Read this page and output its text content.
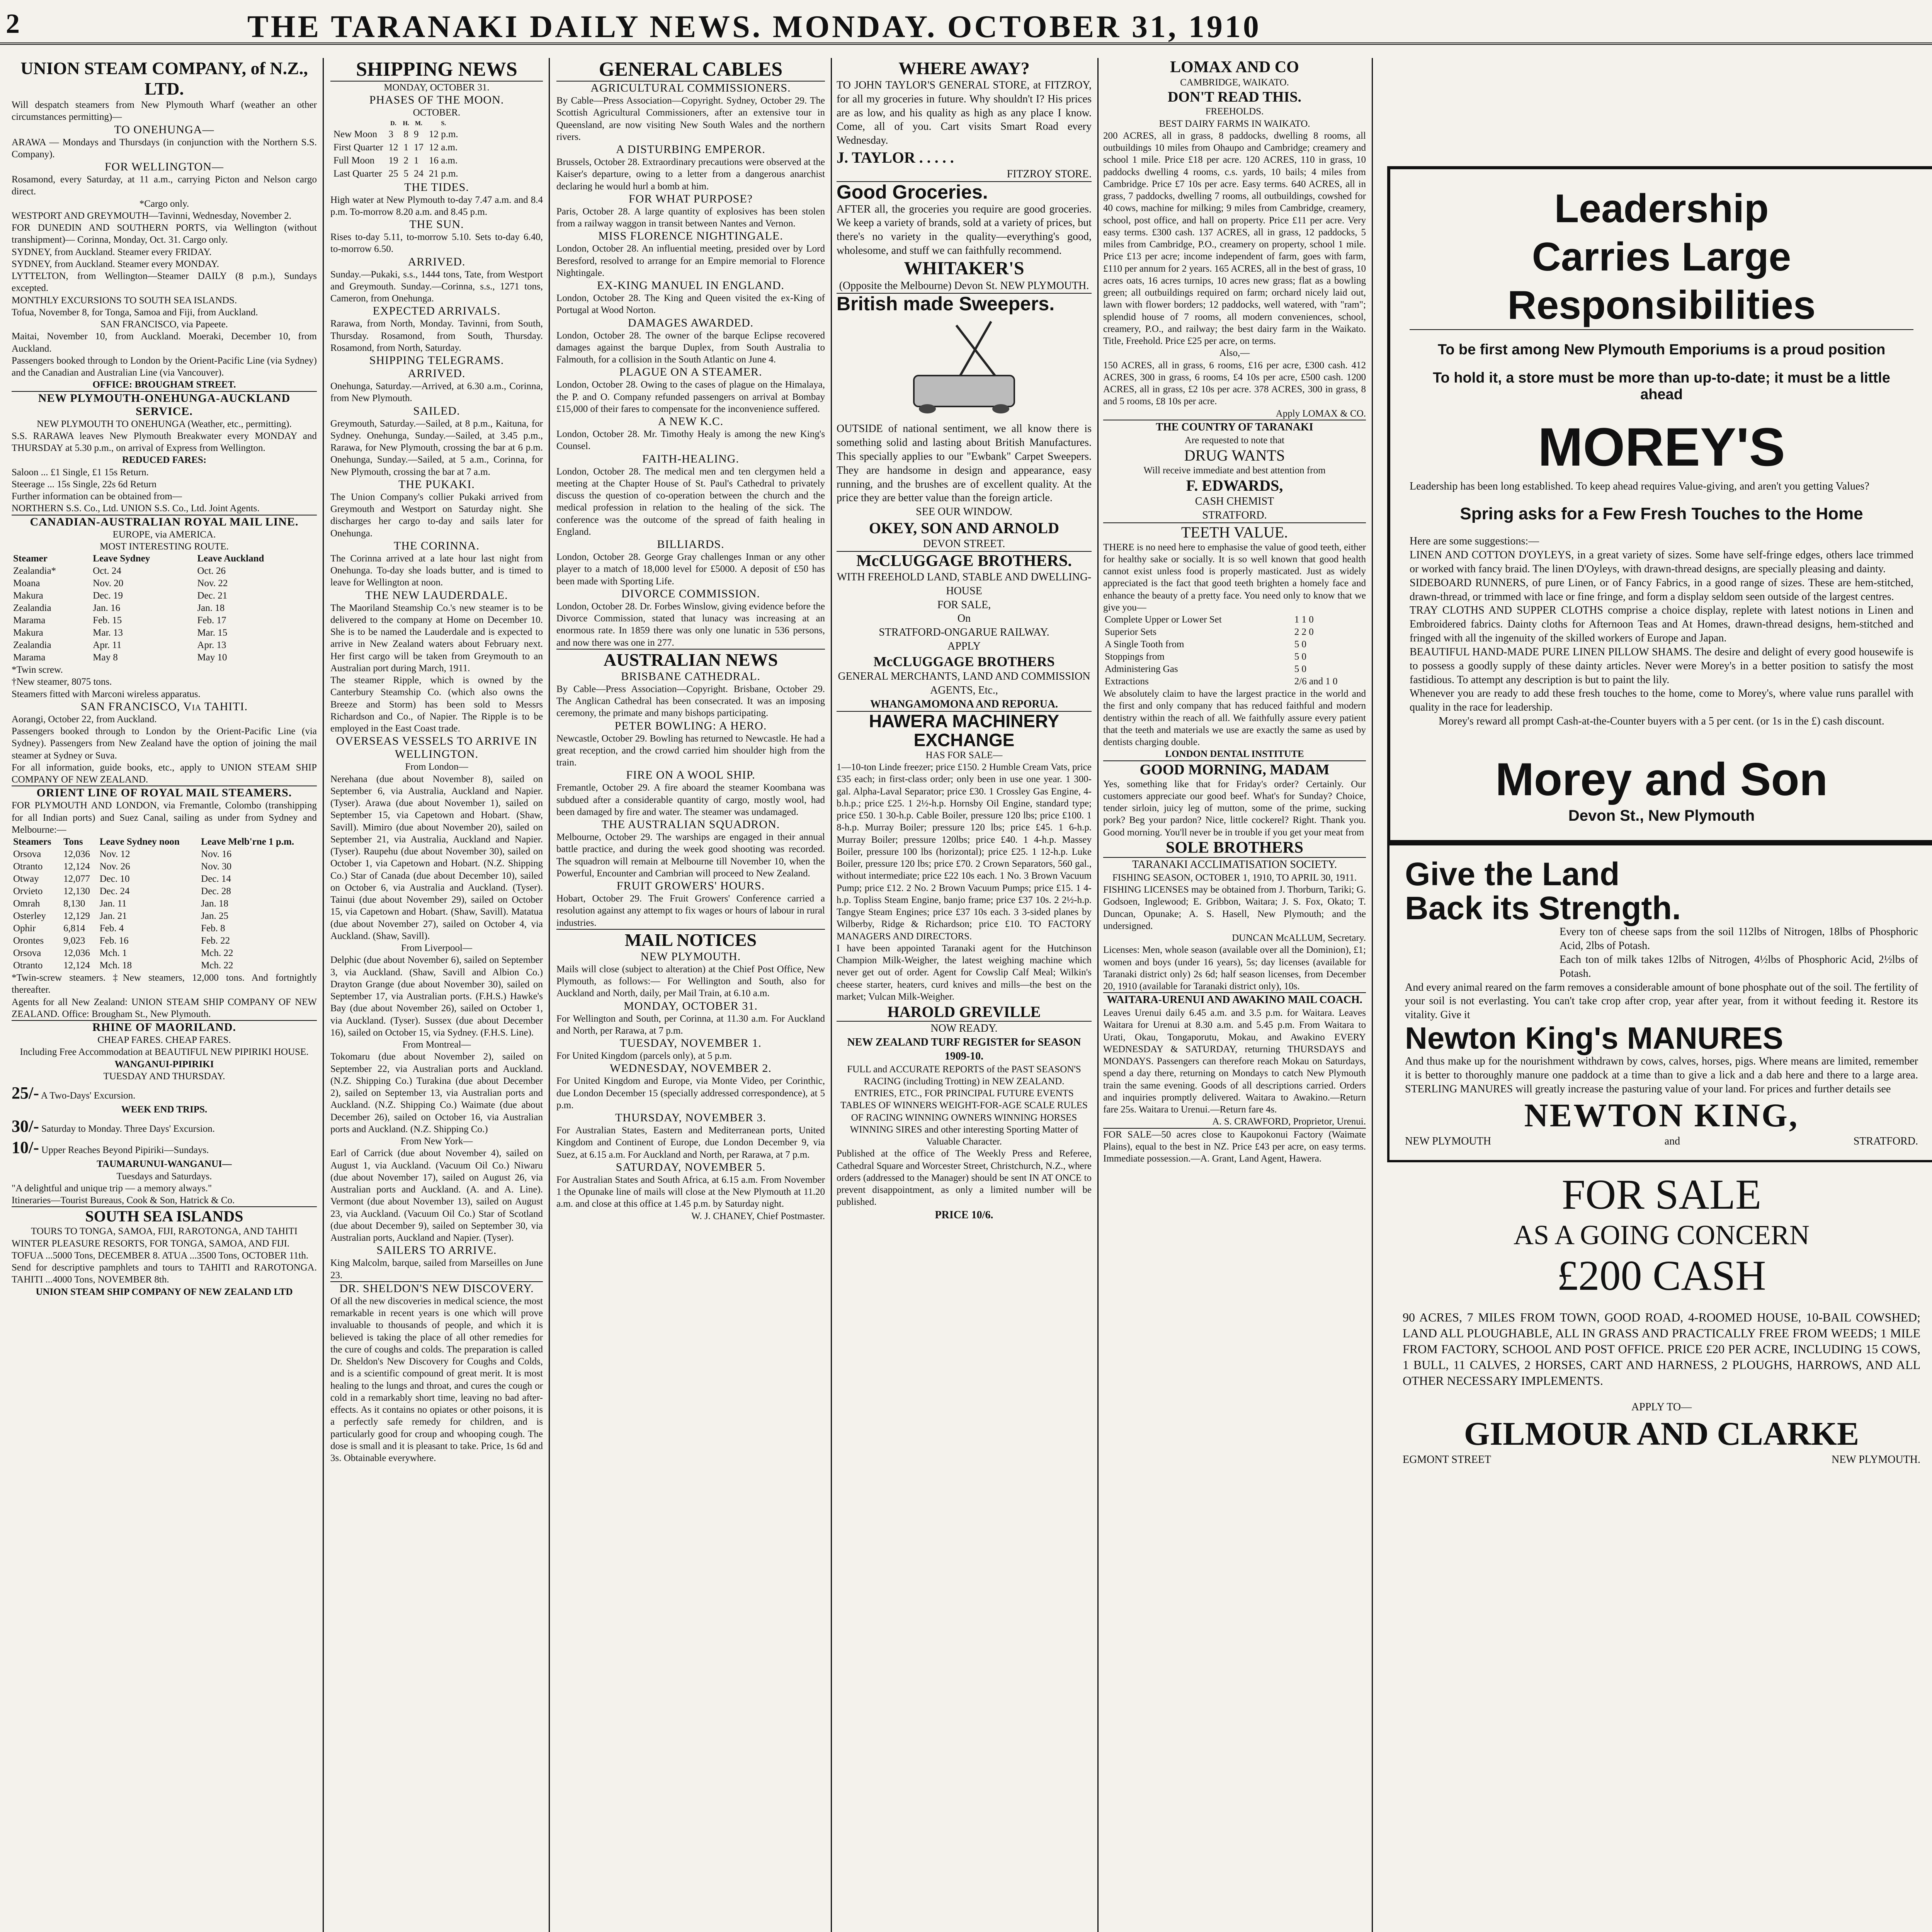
2	THE TARANAKI DAILY NEWS. MONDAY. OCTOBER 31, 1910
UNION STEAM COMPANY, of N.Z., LTD.

Will despatch steamers from New Plymouth Wharf (weather an other circumstances permitting)—

TO ONEHUNGA—

ARAWA — Mondays and Thursdays (in conjunction with the Northern S.S. Company).

FOR WELLINGTON—

Rosamond, every Saturday, at 11 a.m., carrying Picton and Nelson cargo direct.

*Cargo only.

WESTPORT AND GREYMOUTH—Tavinni, Wednesday, November 2.

FOR DUNEDIN AND SOUTHERN PORTS, via Wellington (without transhipment)— Corinna, Monday, Oct. 31. Cargo only.

SYDNEY, from Auckland. Steamer every FRIDAY.

SYDNEY, from Auckland. Steamer every MONDAY.

LYTTELTON, from Wellington—Steamer DAILY (8 p.m.), Sundays excepted.

MONTHLY EXCURSIONS TO SOUTH SEA ISLANDS.

Tofua, November 8, for Tonga, Samoa and Fiji, from Auckland.

SAN FRANCISCO, via Papeete.

Maitai, November 10, from Auckland. Moeraki, December 10, from Auckland.

Passengers booked through to London by the Orient-Pacific Line (via Sydney) and the Canadian and Australian Line (via Vancouver).

OFFICE: BROUGHAM STREET.

NEW PLYMOUTH-ONEHUNGA-AUCKLAND SERVICE.

NEW PLYMOUTH TO ONEHUNGA (Weather, etc., permitting).

S.S. RARAWA leaves New Plymouth Breakwater every MONDAY and THURSDAY at 5.30 p.m., on arrival of Express from Wellington.

REDUCED FARES:

Saloon ... £1 Single, £1 15s Return.

Steerage ... 15s Single, 22s 6d Return

Further information can be obtained from—

NORTHERN S.S. Co., Ltd. UNION S.S. Co., Ltd. Joint Agents.

CANADIAN-AUSTRALIAN ROYAL MAIL LINE.

EUROPE, via AMERICA.

MOST INTERESTING ROUTE.

Steamer	Leave Sydney	Leave Auckland
Zealandia*	Oct. 24	Oct. 26
Moana	Nov. 20	Nov. 22
Makura	Dec. 19	Dec. 21
Zealandia	Jan. 16	Jan. 18
Marama	Feb. 15	Feb. 17
Makura	Mar. 13	Mar. 15
Zealandia	Apr. 11	Apr. 13
Marama	May 8	May 10

*Twin screw.

†New steamer, 8075 tons.

Steamers fitted with Marconi wireless apparatus.

SAN FRANCISCO, Via TAHITI.

Aorangi, October 22, from Auckland.

Passengers booked through to London by the Orient-Pacific Line (via Sydney). Passengers from New Zealand have the option of joining the mail steamer at Sydney or Suva.

For all information, guide books, etc., apply to UNION STEAM SHIP COMPANY OF NEW ZEALAND.

ORIENT LINE OF ROYAL MAIL STEAMERS.

FOR PLYMOUTH AND LONDON, via Fremantle, Colombo (transhipping for all Indian ports) and Suez Canal, sailing as under from Sydney and Melbourne:—

Steamers	Tons	Leave Sydney noon	Leave Melb'rne 1 p.m.
Orsova	12,036	Nov. 12	Nov. 16
Otranto	12,124	Nov. 26	Nov. 30
Otway	12,077	Dec. 10	Dec. 14
Orvieto	12,130	Dec. 24	Dec. 28
Omrah	8,130	Jan. 11	Jan. 18
Osterley	12,129	Jan. 21	Jan. 25
Ophir	6,814	Feb. 4	Feb. 8
Orontes	9,023	Feb. 16	Feb. 22
Orsova	12,036	Mch. 1	Mch. 22
Otranto	12,124	Mch. 18	Mch. 22

*Twin-screw steamers. ‡New steamers, 12,000 tons. And fortnightly thereafter.

Agents for all New Zealand: UNION STEAM SHIP COMPANY OF NEW ZEALAND. Office: Brougham St., New Plymouth.

RHINE OF MAORILAND.

CHEAP FARES. CHEAP FARES.

Including Free Accommodation at BEAUTIFUL NEW PIPIRIKI HOUSE.

WANGANUI-PIPIRIKI

TUESDAY AND THURSDAY.

25/- A Two-Days' Excursion.

WEEK END TRIPS.

30/- Saturday to Monday. Three Days' Excursion.

10/- Upper Reaches Beyond Pipiriki—Sundays.

TAUMARUNUI-WANGANUI—

Tuesdays and Saturdays.

"A delightful and unique trip — a memory always."

Itineraries—Tourist Bureaus, Cook & Son, Hatrick & Co.

SOUTH SEA ISLANDS

TOURS TO TONGA, SAMOA, FIJI, RAROTONGA, AND TAHITI

WINTER PLEASURE RESORTS, FOR TONGA, SAMOA, AND FIJI.

TOFUA ...5000 Tons, DECEMBER 8. ATUA ...3500 Tons, OCTOBER 11th.

Send for descriptive pamphlets and tours to TAHITI and RAROTONGA. TAHITI ...4000 Tons, NOVEMBER 8th.

UNION STEAM SHIP COMPANY OF NEW ZEALAND LTD

SHIPPING NEWS

MONDAY, OCTOBER 31.

PHASES OF THE MOON.

OCTOBER.

	D.	H.	M.	S.
New Moon	3	8	9	12 p.m.
First Quarter	12	1	17	12 a.m.
Full Moon	19	2	1	16 a.m.
Last Quarter	25	5	24	21 p.m.
THE TIDES.

High water at New Plymouth to-day 7.47 a.m. and 8.4 p.m. To-morrow 8.20 a.m. and 8.45 p.m.

THE SUN.

Rises to-day 5.11, to-morrow 5.10. Sets to-day 6.40, to-morrow 6.50.

ARRIVED.

Sunday.—Pukaki, s.s., 1444 tons, Tate, from Westport and Greymouth. Sunday.—Corinna, s.s., 1271 tons, Cameron, from Onehunga.

EXPECTED ARRIVALS.

Rarawa, from North, Monday. Tavinni, from South, Thursday. Rosamond, from South, Thursday. Rosamond, from North, Saturday.

SHIPPING TELEGRAMS.
ARRIVED.

Onehunga, Saturday.—Arrived, at 6.30 a.m., Corinna, from New Plymouth.

SAILED.

Greymouth, Saturday.—Sailed, at 8 p.m., Kaituna, for Sydney. Onehunga, Sunday.—Sailed, at 3.45 p.m., Rarawa, for New Plymouth, crossing the bar at 6 p.m. Onehunga, Sunday.—Sailed, at 5 a.m., Corinna, for New Plymouth, crossing the bar at 7 a.m.

THE PUKAKI.

The Union Company's collier Pukaki arrived from Greymouth and Westport on Saturday night. She discharges her cargo to-day and sails later for Onehunga.

THE CORINNA.

The Corinna arrived at a late hour last night from Onehunga. To-day she loads butter, and is timed to leave for Wellington at noon.

THE NEW LAUDERDALE.

The Maoriland Steamship Co.'s new steamer is to be delivered to the company at Home on December 10. She is to be named the Lauderdale and is expected to arrive in New Zealand waters about February next. Her first cargo will be taken from Greymouth to an Australian port during March, 1911.

The steamer Ripple, which is owned by the Canterbury Steamship Co. (which also owns the Breeze and Storm) has been sold to Messrs Richardson and Co., of Napier. The Ripple is to be employed in the East Coast trade.

OVERSEAS VESSELS TO ARRIVE IN WELLINGTON.

From London—

Nerehana (due about November 8), sailed on September 6, via Australia, Auckland and Napier. (Tyser). Arawa (due about November 1), sailed on September 15, via Capetown and Hobart. (Shaw, Savill). Mimiro (due about November 20), sailed on September 21, via Australia, Auckland and Napier. (Tyser). Raupehu (due about November 30), sailed on October 1, via Capetown and Hobart. (N.Z. Shipping Co.) Star of Canada (due about December 10), sailed on October 6, via Australia and Auckland. (Tyser). Tainui (due about November 29), sailed on October 15, via Capetown and Hobart. (Shaw, Savill). Matatua (due about November 27), sailed on October 4, via Auckland. (Shaw, Savill).

From Liverpool—

Delphic (due about November 6), sailed on September 3, via Auckland. (Shaw, Savill and Albion Co.) Drayton Grange (due about November 30), sailed on September 17, via Australian ports. (F.H.S.) Hawke's Bay (due about November 26), sailed on October 1, via Auckland. (Tyser). Sussex (due about December 16), sailed on October 15, via Sydney. (F.H.S. Line).

From Montreal—

Tokomaru (due about November 2), sailed on September 22, via Australian ports and Auckland. (N.Z. Shipping Co.) Turakina (due about December 2), sailed on September 13, via Australian ports and Auckland. (N.Z. Shipping Co.) Waimate (due about December 26), sailed on October 16, via Australian ports and Auckland. (N.Z. Shipping Co.)

From New York—

Earl of Carrick (due about November 4), sailed on August 1, via Auckland. (Vacuum Oil Co.) Niwaru (due about November 17), sailed on August 26, via Australian ports and Auckland. (A. and A. Line). Vermont (due about November 13), sailed on August 23, via Auckland. (Vacuum Oil Co.) Star of Scotland (due about December 9), sailed on September 30, via Australian ports, Auckland and Napier. (Tyser).

SAILERS TO ARRIVE.

King Malcolm, barque, sailed from Marseilles on June 23.

DR. SHELDON'S NEW DISCOVERY.

Of all the new discoveries in medical science, the most remarkable in recent years is one which will prove invaluable to thousands of people, and which it is believed is taking the place of all other remedies for the cure of coughs and colds. The preparation is called Dr. Sheldon's New Discovery for Coughs and Colds, and is a scientific compound of great merit. It is most healing to the lungs and throat, and cures the cough or cold in a remarkably short time, leaving no bad after-effects. As it contains no opiates or other poisons, it is a perfectly safe remedy for children, and is particularly good for croup and whooping cough. The dose is small and it is pleasant to take. Price, 1s 6d and 3s. Obtainable everywhere.

GENERAL CABLES
AGRICULTURAL COMMISSIONERS.

By Cable—Press Association—Copyright. Sydney, October 29. The Scottish Agricultural Commissioners, after an extensive tour in Queensland, are now visiting New South Wales and the northern rivers.

A DISTURBING EMPEROR.

Brussels, October 28. Extraordinary precautions were observed at the Kaiser's departure, owing to a letter from a dangerous anarchist declaring he would hurl a bomb at him.

FOR WHAT PURPOSE?

Paris, October 28. A large quantity of explosives has been stolen from a railway waggon in transit between Nantes and Vernon.

MISS FLORENCE NIGHTINGALE.

London, October 28. An influential meeting, presided over by Lord Beresford, resolved to arrange for an Empire memorial to Florence Nightingale.

EX-KING MANUEL IN ENGLAND.

London, October 28. The King and Queen visited the ex-King of Portugal at Wood Norton.

DAMAGES AWARDED.

London, October 28. The owner of the barque Eclipse recovered damages against the barque Duplex, from South Australia to Falmouth, for a collision in the South Atlantic on June 4.

PLAGUE ON A STEAMER.

London, October 28. Owing to the cases of plague on the Himalaya, the P. and O. Company refunded passengers on arrival at Bombay £15,000 of their fares to compensate for the inconvenience suffered.

A NEW K.C.

London, October 28. Mr. Timothy Healy is among the new King's Counsel.

FAITH-HEALING.

London, October 28. The medical men and ten clergymen held a meeting at the Chapter House of St. Paul's Cathedral to privately discuss the question of co-operation between the church and the medical profession in relation to the healing of the sick. The conference was the outcome of the spread of faith healing in England.

BILLIARDS.

London, October 28. George Gray challenges Inman or any other player to a match of 18,000 level for £5000. A deposit of £50 has been made with Sporting Life.

DIVORCE COMMISSION.

London, October 28. Dr. Forbes Winslow, giving evidence before the Divorce Commission, stated that lunacy was increasing at an enormous rate. In 1859 there was only one lunatic in 536 persons, and now there was one in 277.

AUSTRALIAN NEWS
BRISBANE CATHEDRAL.

By Cable—Press Association—Copyright. Brisbane, October 29. The Anglican Cathedral has been consecrated. It was an imposing ceremony, the primate and many bishops participating.

PETER BOWLING: A HERO.

Newcastle, October 29. Bowling has returned to Newcastle. He had a great reception, and the crowd carried him shoulder high from the train.

FIRE ON A WOOL SHIP.

Fremantle, October 29. A fire aboard the steamer Koombana was subdued after a considerable quantity of cargo, mostly wool, had been damaged by fire and water. The steamer was undamaged.

THE AUSTRALIAN SQUADRON.

Melbourne, October 29. The warships are engaged in their annual battle practice, and during the week good shooting was recorded. The squadron will remain at Melbourne till November 10, when the Powerful, Encounter and Cambrian will proceed to New Zealand.

FRUIT GROWERS' HOURS.

Hobart, October 29. The Fruit Growers' Conference carried a resolution against any attempt to fix wages or hours of labour in rural industries.

MAIL NOTICES
NEW PLYMOUTH.

Mails will close (subject to alteration) at the Chief Post Office, New Plymouth, as follows:— For Wellington and South, also for Auckland and North, daily, per Mail Train, at 6.10 a.m.

MONDAY, OCTOBER 31.

For Wellington and South, per Corinna, at 11.30 a.m. For Auckland and North, per Rarawa, at 7 p.m.

TUESDAY, NOVEMBER 1.

For United Kingdom (parcels only), at 5 p.m.

WEDNESDAY, NOVEMBER 2.

For United Kingdom and Europe, via Monte Video, per Corinthic, due London December 15 (specially addressed correspondence), at 5 p.m.

THURSDAY, NOVEMBER 3.

For Australian States, Eastern and Mediterranean ports, United Kingdom and Continent of Europe, due London December 9, via Suez, at 6.15 a.m. For Auckland and North, per Rarawa, at 7 p.m.

SATURDAY, NOVEMBER 5.

For Australian States and South Africa, at 6.15 a.m. From November 1 the Opunake line of mails will close at the New Plymouth at 11.20 a.m. and close at this office at 1.45 p.m. by Saturday night.

W. J. CHANEY, Chief Postmaster.

WHERE AWAY?

TO JOHN TAYLOR'S GENERAL STORE, at FITZROY, for all my groceries in future. Why shouldn't I? His prices are as low, and his quality as high as any place I know. Come, all of you. Cart visits Smart Road every Wednesday.

J. TAYLOR . . . . .

FITZROY STORE.

Good Groceries.

AFTER all, the groceries you require are good groceries. We keep a variety of brands, sold at a variety of prices, but there's no variety in the quality—everything's good, wholesome, and stuff we can faithfully recommend.

WHITAKER'S

(Opposite the Melbourne) Devon St. NEW PLYMOUTH.

British made Sweepers.

OUTSIDE of national sentiment, we all know there is something solid and lasting about British Manufactures. This specially applies to our "Ewbank" Carpet Sweepers. They are handsome in design and appearance, easy running, and the brushes are of excellent quality. At the price they are better value than the foreign article.

SEE OUR WINDOW.

OKEY, SON AND ARNOLD

DEVON STREET.

McCLUGGAGE BROTHERS.

WITH FREEHOLD LAND, STABLE AND DWELLING-HOUSE

FOR SALE,

On

STRATFORD-ONGARUE RAILWAY.

APPLY

McCLUGGAGE BROTHERS

GENERAL MERCHANTS, LAND AND COMMISSION AGENTS, Etc.,

WHANGAMOMONA AND REPORUA.

HAWERA MACHINERY EXCHANGE

HAS FOR SALE—

1—10-ton Linde freezer; price £150. 2 Humble Cream Vats, price £35 each; in first-class order; only been in use one year. 1 300-gal. Alpha-Laval Separator; price £30. 1 Crossley Gas Engine, 4-b.h.p.; price £25. 1 2½-h.p. Hornsby Oil Engine, standard type; price £50. 1 30-h.p. Cable Boiler, pressure 120 lbs; price £100. 1 8-h.p. Murray Boiler; pressure 120 lbs; price £45. 1 6-h.p. Murray Boiler; pressure 120lbs; price £40. 1 4-h.p. Massey Boiler, pressure 100 lbs (horizontal); price £25. 1 12-h.p. Luke Boiler, pressure 120 lbs; price £70. 2 Crown Separators, 560 gal., without intermediate; price £22 10s each. 1 No. 3 Brown Vacuum Pump; price £12. 2 No. 2 Brown Vacuum Pumps; price £15. 1 4-h.p. Topliss Steam Engine, banjo frame; price £37 10s. 2 2½-h.p. Tangye Steam Engines; price £37 10s each. 3 3-sided planes by Wilberby, Ridge & Richardson; price £10. TO FACTORY MANAGERS AND DIRECTORS.

I have been appointed Taranaki agent for the Hutchinson Champion Milk-Weigher, the latest weighing machine which never get out of order. Agent for Cowslip Calf Meal; Wilkin's cheese starter, heaters, curd knives and mills—the best on the market; Vulcan Milk-Weigher.

HAROLD GREVILLE

NOW READY.

NEW ZEALAND TURF REGISTER for SEASON 1909-10.

FULL and ACCURATE REPORTS of the PAST SEASON'S RACING (including Trotting) in NEW ZEALAND.

ENTRIES, ETC., FOR PRINCIPAL FUTURE EVENTS TABLES OF WINNERS WEIGHT-FOR-AGE SCALE RULES OF RACING WINNING OWNERS WINNING HORSES WINNING SIRES and other interesting Sporting Matter of Valuable Character.

Published at the office of The Weekly Press and Referee, Cathedral Square and Worcester Street, Christchurch, N.Z., where orders (addressed to the Manager) should be sent IN AT ONCE to prevent disappointment, as only a limited number will be published.

PRICE 10/6.

LOMAX AND CO

CAMBRIDGE, WAIKATO.

DON'T READ THIS.

FREEHOLDS.

BEST DAIRY FARMS IN WAIKATO.

200 ACRES, all in grass, 8 paddocks, dwelling 8 rooms, all outbuildings 10 miles from Ohaupo and Cambridge; creamery and school 1 mile. Price £18 per acre. 120 ACRES, 110 in grass, 10 paddocks dwelling 4 rooms, c.s. yards, 10 bails; 4 miles from Cambridge. Price £7 10s per acre. Easy terms. 640 ACRES, all in grass, 7 paddocks, dwelling 7 rooms, all outbuildings, cowshed for 40 cows, machine for milking; 9 miles from Cambridge, creamery, school, post office, and hall on property. Price £11 per acre. Very easy terms. £300 cash. 137 ACRES, all in grass, 12 paddocks, 5 miles from Cambridge, P.O., creamery on property, school 1 mile. Price £13 per acre; income independent of farm, goes with farm, £110 per annum for 2 years. 165 ACRES, all in the best of grass, 10 acres oats, 16 acres turnips, 10 acres new grass; flat as a bowling green; all outbuildings required on farm; orchard nicely laid out, lawn with flower borders; 12 paddocks, well watered, with "ram"; splendid house of 7 rooms, all modern conveniences, school, creamery, P.O., and railway; the best dairy farm in the Waikato. Title, Freehold. Price £25 per acre, on terms.

Also,—

150 ACRES, all in grass, 6 rooms, £16 per acre, £300 cash. 412 ACRES, 300 in grass, 6 rooms, £4 10s per acre, £500 cash. 1200 ACRES, all in grass, £2 10s per acre. 378 ACRES, 300 in grass, 8 and 5 rooms, £8 10s per acre.

Apply LOMAX & CO.

THE COUNTRY OF TARANAKI

Are requested to note that

DRUG WANTS

Will receive immediate and best attention from

F. EDWARDS,

CASH CHEMIST

STRATFORD.

TEETH VALUE.

THERE is no need here to emphasise the value of good teeth, either for healthy sake or socially. It is so well known that good health cannot exist unless food is properly masticated. Just as widely appreciated is the fact that good teeth brighten a homely face and enhance the beauty of a pretty face. You need only to know that we give you—

Complete Upper or Lower Set	1 1 0
Superior Sets	2 2 0
A Single Tooth from	5 0
Stoppings from	5 0
Administering Gas	5 0
Extractions	2/6 and 1 0

We absolutely claim to have the largest practice in the world and the first and only company that has reduced faithful and modern dentistry within the reach of all. We faithfully assure every patient that the teeth and materials we use are exactly the same as used by dentists charging double.

LONDON DENTAL INSTITUTE

GOOD MORNING, MADAM

Yes, something like that for Friday's order? Certainly. Our customers appreciate our good beef. What's for Sunday? Choice, tender sirloin, juicy leg of mutton, some of the prime, sucking pork? Beg your pardon? Nice, little cockerel? Right. Thank you. Good morning. You'll never be in trouble if you get your meat from

SOLE BROTHERS

TARANAKI ACCLIMATISATION SOCIETY.

FISHING SEASON, OCTOBER 1, 1910, TO APRIL 30, 1911.

FISHING LICENSES may be obtained from J. Thorburn, Tariki; G. Godsoen, Inglewood; E. Gribbon, Waitara; J. S. Fox, Okato; T. Duncan, Opunake; A. S. Hasell, New Plymouth; and the undersigned.

DUNCAN McALLUM, Secretary.

Licenses: Men, whole season (available over all the Dominion), £1; women and boys (under 16 years), 5s; day licenses (available for Taranaki district only) 2s 6d; half season licenses, from December 20, 1910 (available for Taranaki district only), 10s.

WAITARA-URENUI AND AWAKINO MAIL COACH.

Leaves Urenui daily 6.45 a.m. and 3.5 p.m. for Waitara. Leaves Waitara for Urenui at 8.30 a.m. and 5.45 p.m. From Waitara to Urati, Okau, Tongaporutu, Mokau, and Awakino EVERY WEDNESDAY & SATURDAY, returning THURSDAYS and MONDAYS. Passengers can therefore reach Mokau on Saturdays, spend a day there, returning on Mondays to catch New Plymouth train the same evening. Goods of all descriptions carried. Orders and inquiries promptly delivered. Waitara to Awakino.—Return fare 25s. Waitara to Urenui.—Return fare 4s.

A. S. CRAWFORD, Proprietor, Urenui.

FOR SALE—50 acres close to Kaupokonui Factory (Waimate Plains), equal to the best in NZ. Price £43 per acre, on easy terms. Immediate possession.—A. Grant, Land Agent, Hawera.

Leadership
Carries Large
Responsibilities

To be first among New Plymouth Emporiums is a proud position

To hold it, a store must be more than up-to-date; it must be a little ahead

MOREY'S

Leadership has been long established. To keep ahead requires Value-giving, and aren't you getting Values?

Spring asks for a Few Fresh Touches to the Home

Here are some suggestions:—

LINEN AND COTTON D'OYLEYS, in a great variety of sizes. Some have self-fringe edges, others lace trimmed or worked with fancy braid. The linen D'Oyleys, with drawn-thread designs, are specially pleasing and dainty.

SIDEBOARD RUNNERS, of pure Linen, or of Fancy Fabrics, in a good range of sizes. These are hem-stitched, drawn-thread, or trimmed with lace or fine fringe, and form a display seldom seen outside of the largest centres.

TRAY CLOTHS AND SUPPER CLOTHS comprise a choice display, replete with latest notions in Linen and Embroidered fabrics. Dainty cloths for Afternoon Teas and At Homes, drawn-thread designs, hem-stitched and fringed with all the ingenuity of the skilled workers of Europe and Japan.

BEAUTIFUL HAND-MADE PURE LINEN PILLOW SHAMS. The desire and delight of every good housewife is to possess a goodly supply of these dainty articles. Never were Morey's in a better position to satisfy the most fastidious. To attempt any description is but to paint the lily.

Whenever you are ready to add these fresh touches to the home, come to Morey's, where value runs parallel with quality in the race for leadership.

Morey's reward all prompt Cash-at-the-Counter buyers with a 5 per cent. (or 1s in the £) cash discount.

Morey and Son

Devon St., New Plymouth

Give the Land
Back its Strength.

Every ton of cheese saps from the soil 112lbs of Nitrogen, 18lbs of Phosphoric Acid, 2lbs of Potash.

Each ton of milk takes 12lbs of Nitrogen, 4½lbs of Phosphoric Acid, 2½lbs of Potash.

And every animal reared on the farm removes a considerable amount of bone phosphate out of the soil. The fertility of your soil is not everlasting. You can't take crop after crop, year after year, from it without feeding it. Restore its vitality. Give it

Newton King's MANURES

And thus make up for the nourishment withdrawn by cows, calves, horses, pigs. Where means are limited, remember it is better to thoroughly manure one paddock at a time than to give a lick and a dab here and there to a large area. STERLING MANURES will greatly increase the pasturing value of your land. For prices and further details see

NEWTON KING,

NEW PLYMOUTH	and	STRATFORD.

FOR SALE
AS A GOING CONCERN
£200 CASH

90 ACRES, 7 MILES FROM TOWN, GOOD ROAD, 4-ROOMED HOUSE, 10-BAIL COWSHED; LAND ALL PLOUGHABLE, ALL IN GRASS AND PRACTICALLY FREE FROM WEEDS; 1 MILE FROM FACTORY, SCHOOL AND POST OFFICE. PRICE £20 PER ACRE, INCLUDING 15 COWS, 1 BULL, 11 CALVES, 2 HORSES, CART AND HARNESS, 2 PLOUGHS, HARROWS, AND ALL OTHER NECESSARY IMPLEMENTS.

APPLY TO—

GILMOUR AND CLARKE

EGMONT STREET	NEW PLYMOUTH.
